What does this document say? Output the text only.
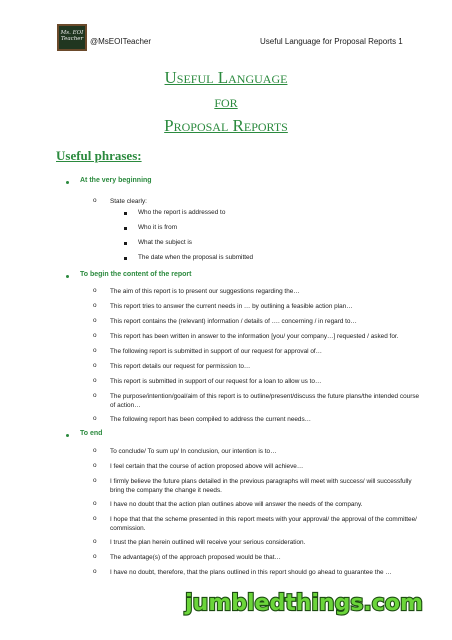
Ms. EOI
Teacher @MsEOITeacher	Useful Language for Proposal Reports 1
Useful Language
for
Proposal Reports
Useful phrases:
At the very beginning
o State clearly:
Who the report is addressed to
Who it is from
What the subject is
The date when the proposal is submitted
To begin the content of the report
o The aim of this report is to present our suggestions regarding the…
o This report tries to answer the current needs in … by outlining a feasible action plan…
o This report contains the (relevant) information / details of …. concerning / in regard to…
o This report has been written in answer to the information [you/ your company…] requested / asked for.
o The following report is submitted in support of our request for approval of…
o This report details our request for permission to…
o This report is submitted in support of our request for a loan to allow us to…
o The purpose/intention/goal/aim of this report is to outline/present/discuss the future plans/the intended course of action…
o The following report has been compiled to address the current needs…
To end
o To conclude/ To sum up/ In conclusion, our intention is to…
o I feel certain that the course of action proposed above will achieve…
o I firmly believe the future plans detailed in the previous paragraphs will meet with success/ will successfully bring the company the change it needs.
o I have no doubt that the action plan outlines above will answer the needs of the company.
o I hope that that the scheme presented in this report meets with your approval/ the approval of the committee/ commission.
o I trust the plan herein outlined will receive your serious consideration.
o The advantage(s) of the approach proposed would be that…
o I have no doubt, therefore, that the plans outlined in this report should go ahead to guarantee the …
jumbledthings.com
